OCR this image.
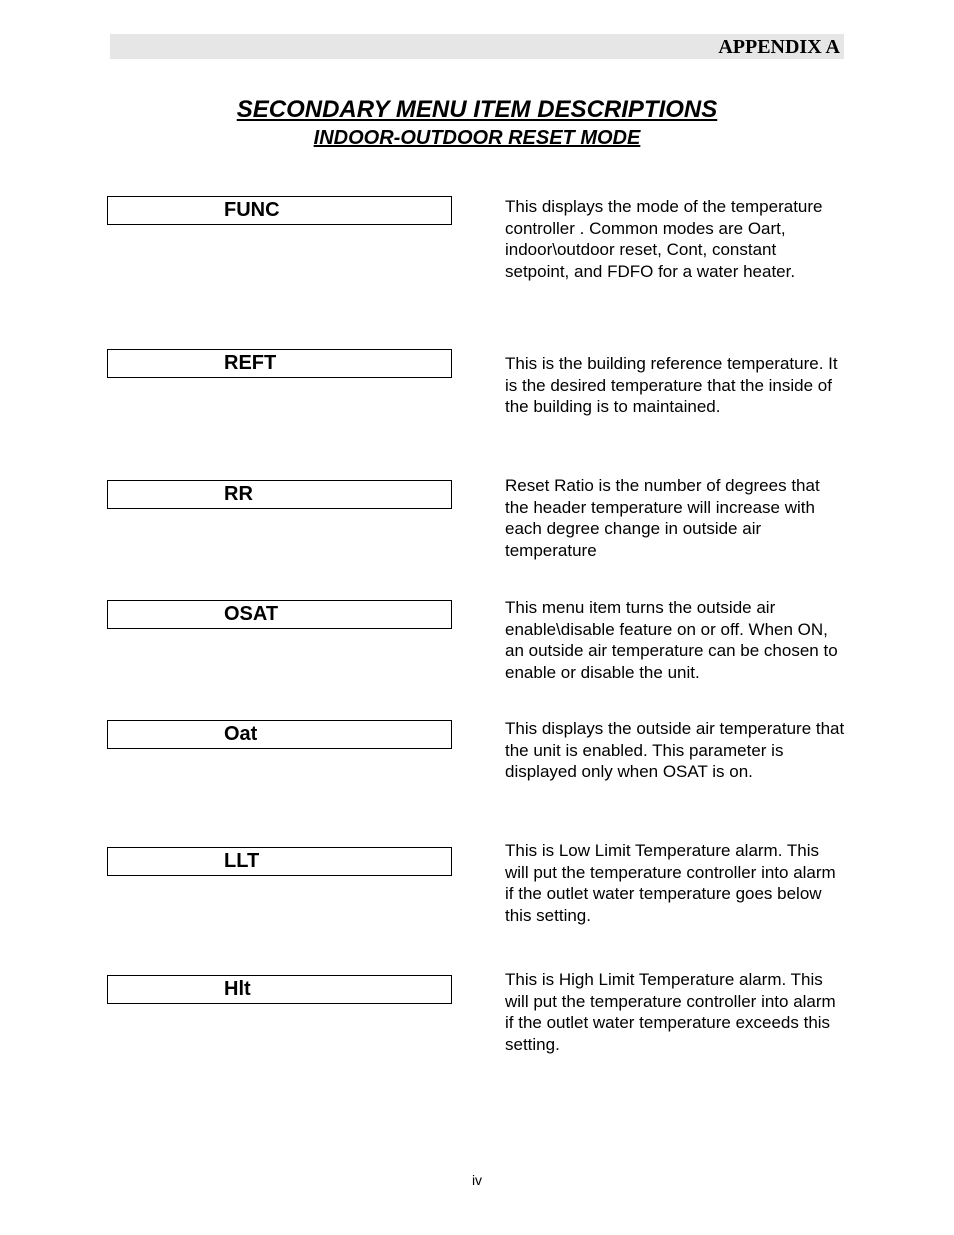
APPENDIX A
SECONDARY MENU ITEM DESCRIPTIONS
INDOOR-OUTDOOR RESET MODE
FUNC	This displays the mode of the temperature controller . Common modes are Oart, indoor\outdoor reset, Cont, constant setpoint, and FDFO for a water heater.
REFT	This is the building reference temperature. It is the desired temperature that the inside of the building is to maintained.
RR	Reset Ratio is the number of degrees that the header temperature will increase with each degree change in outside air temperature
OSAT	This menu item turns the outside air enable\disable feature on or off. When ON, an outside air temperature can be chosen to enable or disable the unit.
Oat	This displays the outside air temperature that the unit is enabled. This parameter is displayed only when OSAT is on.
LLT	This is Low Limit Temperature alarm. This will put the temperature controller into alarm if the outlet water temperature goes below this setting.
Hlt	This is High Limit Temperature alarm. This will put the temperature controller into alarm if the outlet water temperature exceeds this setting.
iv
